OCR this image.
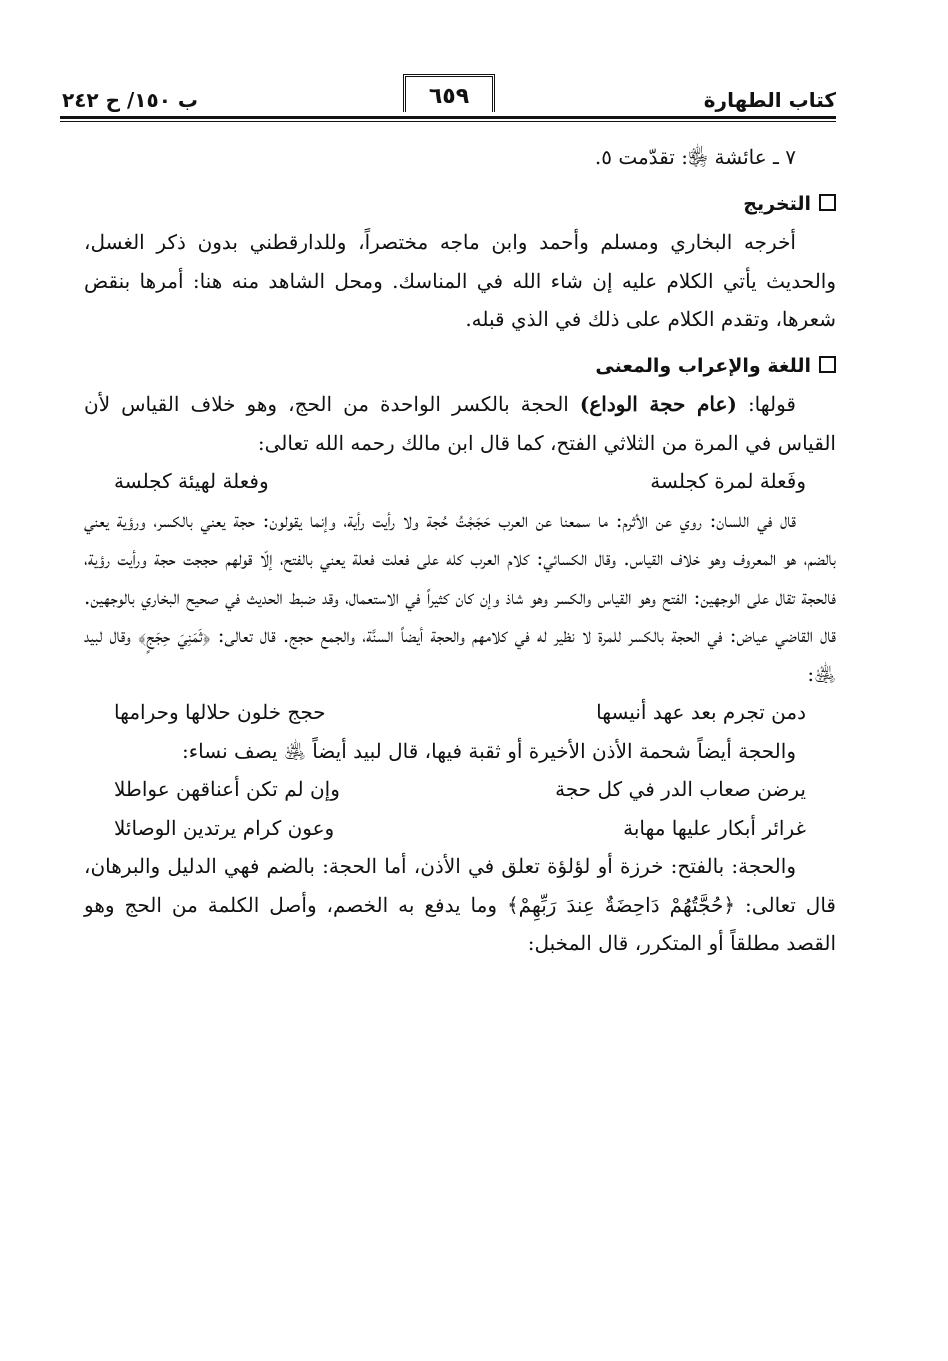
كتاب الطهارة
٦٥٩
ب ١٥٠/ ح ٢٤٢

٧ ـ عائشة ﵂: تقدّمت ٥.

التخريج

أخرجه البخاري ومسلم وأحمد وابن ماجه مختصراً، وللدارقطني بدون ذكر الغسل، والحديث يأتي الكلام عليه إن شاء الله في المناسك. ومحل الشاهد منه هنا: أمرها بنقض شعرها، وتقدم الكلام على ذلك في الذي قبله.

اللغة والإعراب والمعنى

قولها: (عام حجة الوداع) الحجة بالكسر الواحدة من الحج، وهو خلاف القياس لأن القياس في المرة من الثلاثي الفتح، كما قال ابن مالك رحمه الله تعالى:

وفَعلة لمرة كجلسة
وفعلة لهيئة كجلسة

قال في اللسان: روي عن الأثرم: ما سمعنا عن العرب حَجَجْتُ حُجة ولا رأيت رأية، وإنما يقولون: حجة يعني بالكسر، ورؤية يعني بالضم، هو المعروف وهو خلاف القياس. وقال الكسائي: كلام العرب كله على فعلت فعلة يعني بالفتح، إلّا قولهم حججت حجة ورأيت رؤية، فالحجة تقال على الوجهين: الفتح وهو القياس والكسر وهو شاذ وإن كان كثيراً في الاستعمال، وقد ضبط الحديث في صحيح البخاري بالوجهين. قال القاضي عياض: في الحجة بالكسر للمرة لا نظير له في كلامهم والحجة أيضاً السنَّة، والجمع حجج. قال تعالى: ﴿ثَمَنِيَ حِجَجٍ﴾ وقال لبيد ﵁:

دمن تجرم بعد عهد أنيسها
حجج خلون حلالها وحرامها

والحجة أيضاً شحمة الأذن الأخيرة أو ثقبة فيها، قال لبيد أيضاً ﵁ يصف نساء:

يرضن صعاب الدر في كل حجة
وإن لم تكن أعناقهن عواطلا
غرائر أبكار عليها مهابة
وعون كرام يرتدين الوصائلا

والحجة: بالفتح: خرزة أو لؤلؤة تعلق في الأذن، أما الحجة: بالضم فهي الدليل والبرهان، قال تعالى: ﴿حُجَّتُهُمْ دَاحِضَةٌ عِندَ رَبِّهِمْ﴾ وما يدفع به الخصم، وأصل الكلمة من الحج وهو القصد مطلقاً أو المتكرر، قال المخبل:
